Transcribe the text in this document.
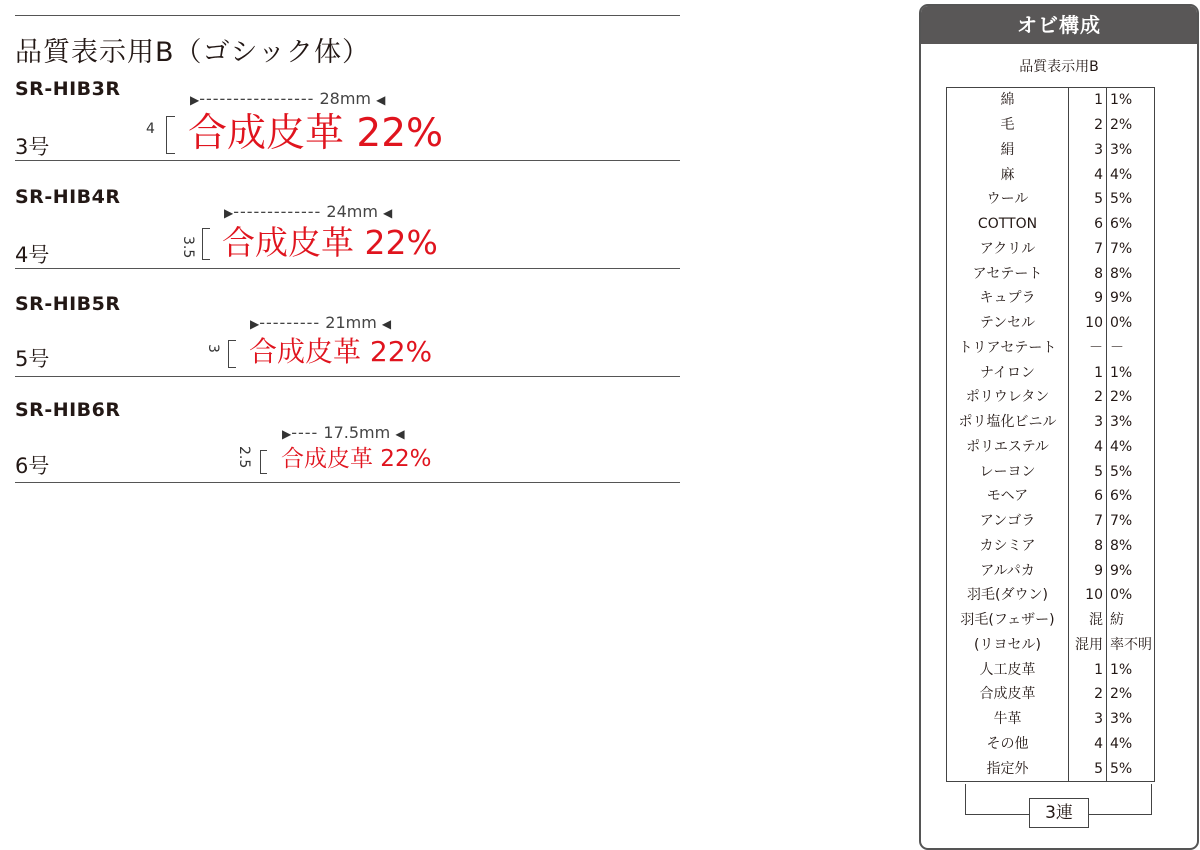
品質表示用B（ゴシック体）
SR-HIB3R
3号
▶----------------- 28mm ◀
4 合成皮革 22%
SR-HIB4R
4号
▶------------- 24mm ◀
3.5 合成皮革 22%
SR-HIB5R
5号
▶--------- 21mm ◀
3 合成皮革 22%
SR-HIB6R
6号
▶---- 17.5mm ◀
2.5 合成皮革 22%
オビ構成
品質表示用B
綿	1	1%
毛	2	2%
絹	3	3%
麻	4	4%
ウール	5	5%
COTTON	6	6%
アクリル	7	7%
アセテート	8	8%
キュプラ	9	9%
テンセル	10	0%
トリアセテート	－	－
ナイロン	1	1%
ポリウレタン	2	2%
ポリ塩化ビニル	3	3%
ポリエステル	4	4%
レーヨン	5	5%
モヘア	6	6%
アンゴラ	7	7%
カシミア	8	8%
アルパカ	9	9%
羽毛(ダウン)	10	0%
羽毛(フェザー)	混	紡
(リヨセル)	混用	率不明
人工皮革	1	1%
合成皮革	2	2%
牛革	3	3%
その他	4	4%
指定外	5	5%
3連
